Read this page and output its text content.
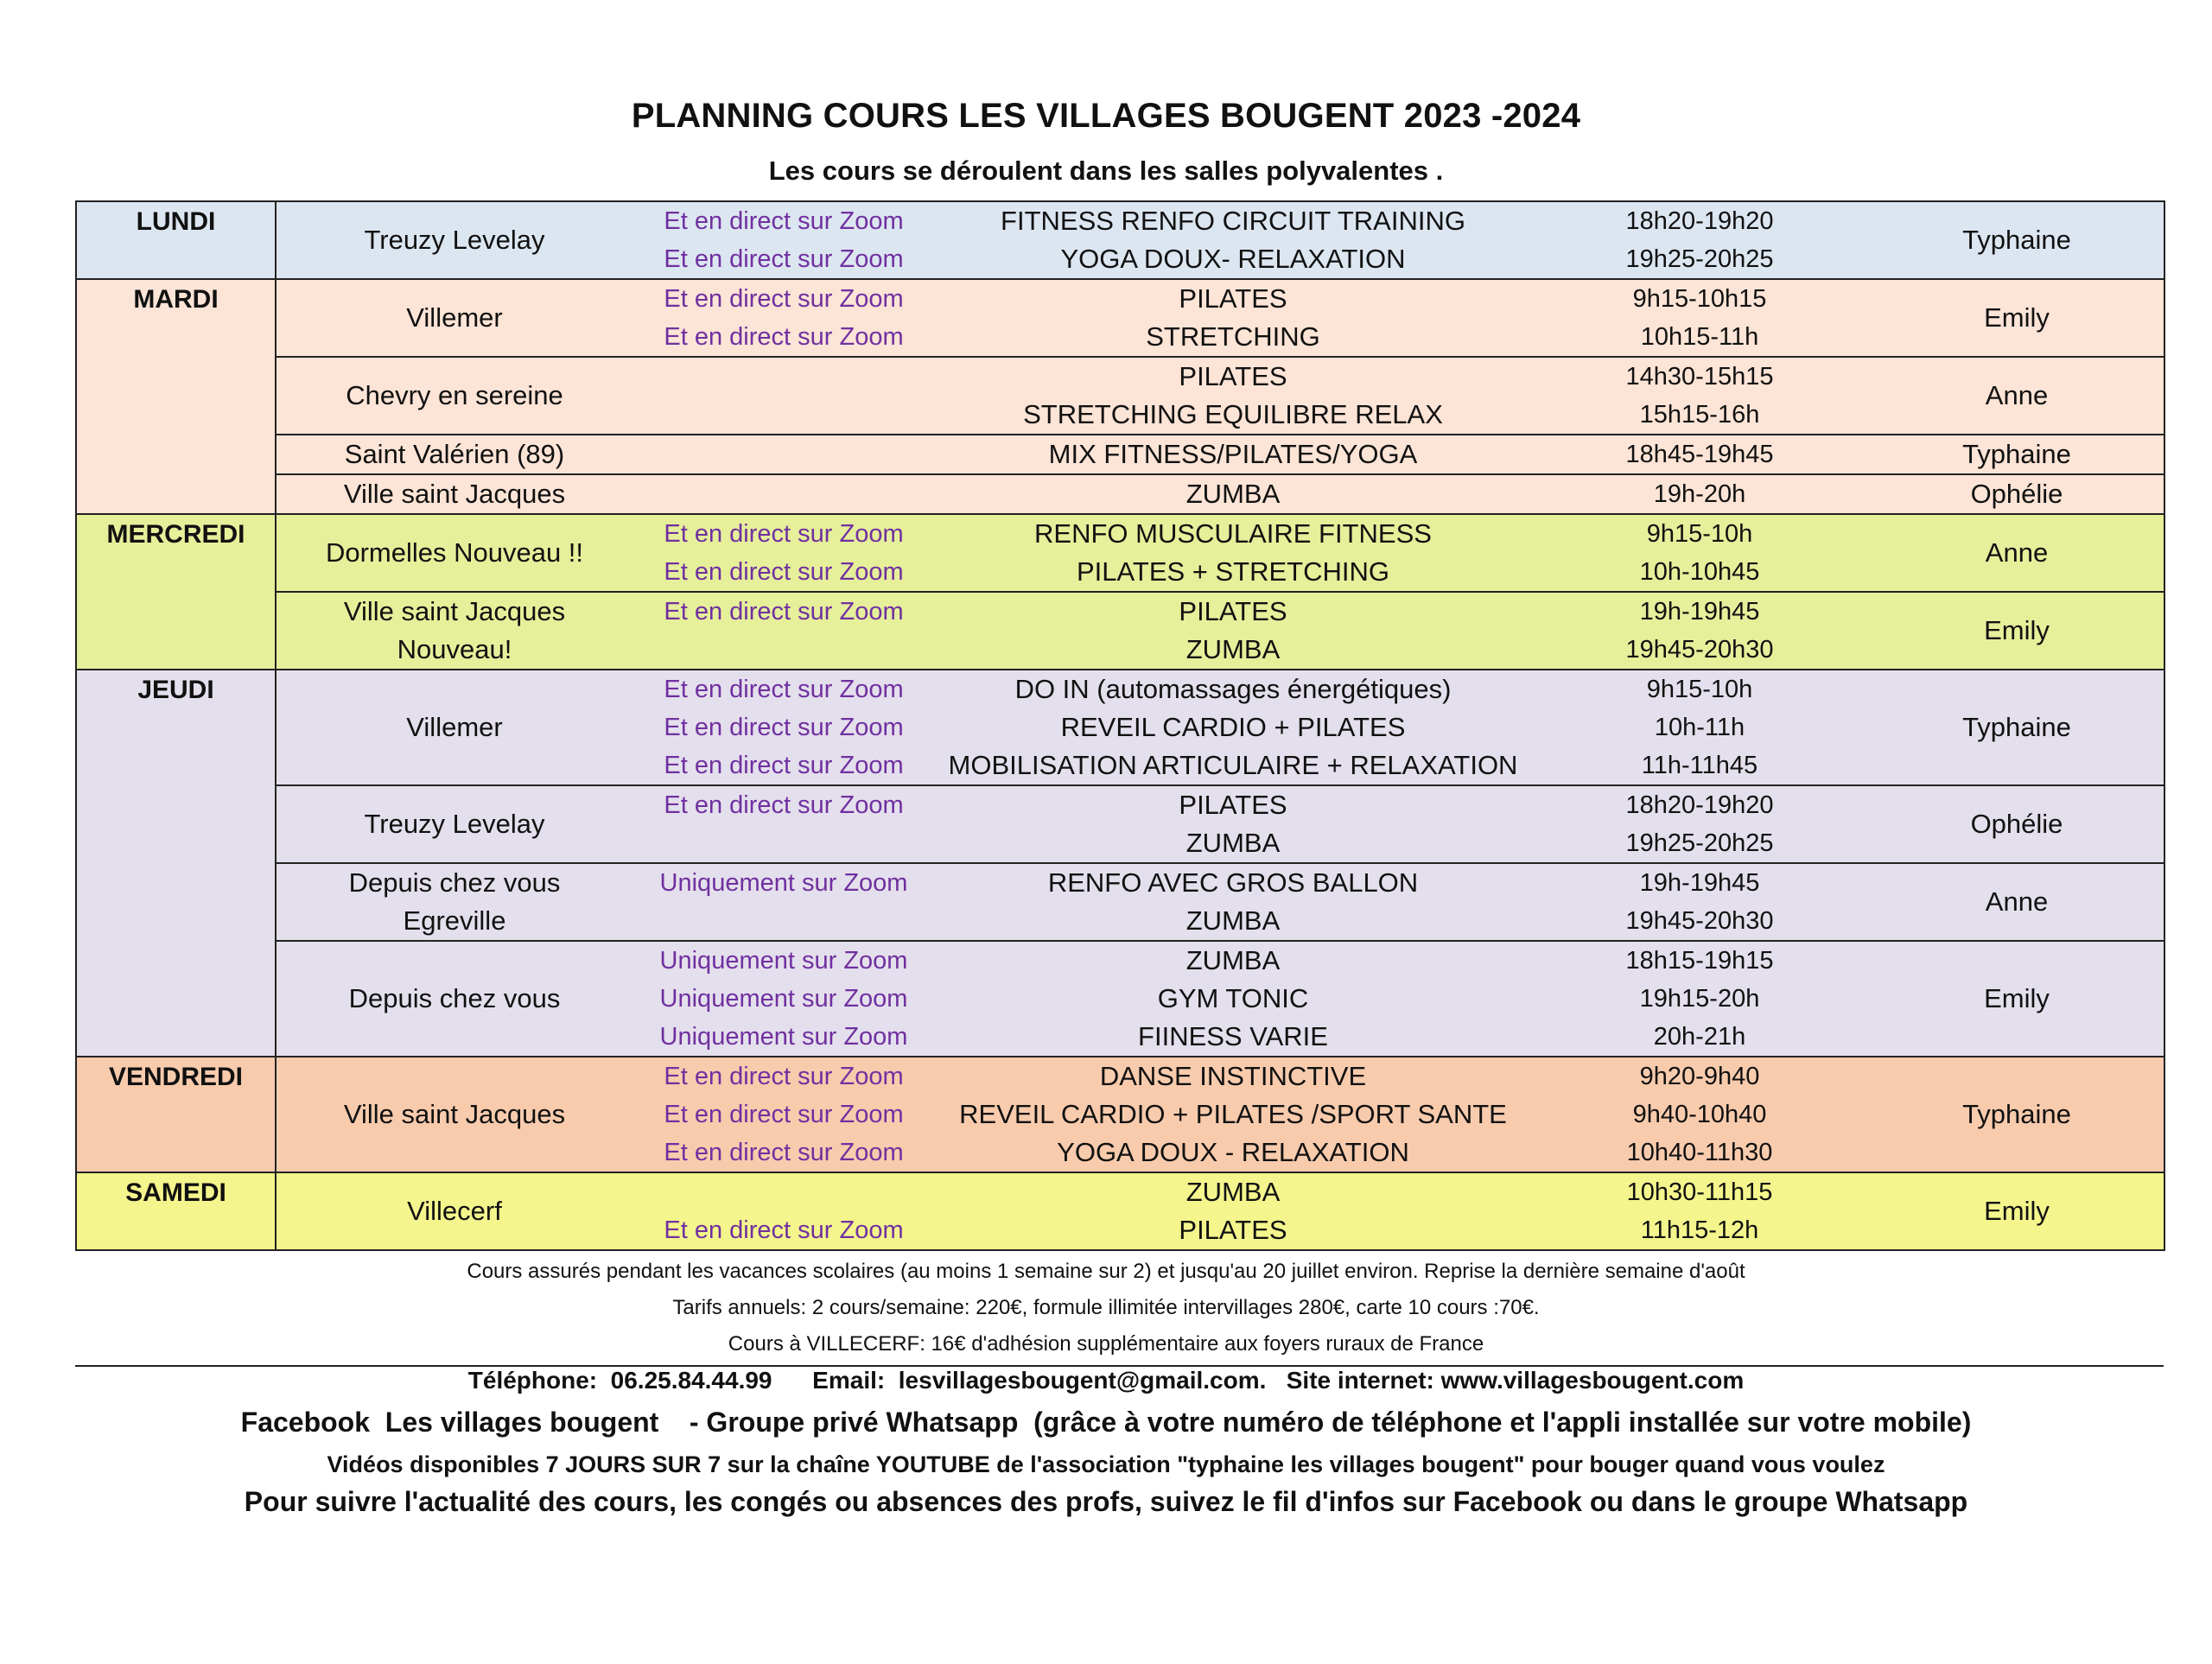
PLANNING COURS LES VILLAGES BOUGENT 2023 -2024
Les cours se déroulent dans les salles polyvalentes .
LUNDI	
Treuzy Levelay
	Et en direct sur Zoom	FITNESS RENFO CIRCUIT TRAINING	18h20-19h20	Typhaine
Et en direct sur Zoom	YOGA DOUX- RELAXATION	19h25-20h25

MARDI	
Villemer
	Et en direct sur Zoom	PILATES	9h15-10h15	Emily
Et en direct sur Zoom	STRETCHING	10h15-11h

Chevry en sereine
		PILATES	14h30-15h15	Anne
	STRETCHING EQUILIBRE RELAX	15h15-16h

Saint Valérien (89)		MIX FITNESS/PILATES/YOGA	18h45-19h45	Typhaine

Ville saint Jacques		ZUMBA	19h-20h	Ophélie

MERCREDI	
Dormelles Nouveau !!
	Et en direct sur Zoom	RENFO MUSCULAIRE FITNESS	9h15-10h	Anne
Et en direct sur Zoom	PILATES + STRETCHING	10h-10h45

Ville saint Jacques
Nouveau!
	Et en direct sur Zoom	PILATES	19h-19h45	Emily
	ZUMBA	19h45-20h30

JEUDI	
Villemer
	Et en direct sur Zoom	DO IN (automassages énergétiques)	9h15-10h	Typhaine
Et en direct sur Zoom	REVEIL CARDIO + PILATES	10h-11h
Et en direct sur Zoom	MOBILISATION ARTICULAIRE + RELAXATION	11h-11h45

Treuzy Levelay
	Et en direct sur Zoom	PILATES	18h20-19h20	Ophélie
	ZUMBA	19h25-20h25

Depuis chez vous
Egreville
	Uniquement sur Zoom	RENFO AVEC GROS BALLON	19h-19h45	Anne
	ZUMBA	19h45-20h30

Depuis chez vous
	Uniquement sur Zoom	ZUMBA	18h15-19h15	Emily
Uniquement sur Zoom	GYM TONIC	19h15-20h
Uniquement sur Zoom	FIINESS VARIE	20h-21h

VENDREDI	
Ville saint Jacques
	Et en direct sur Zoom	DANSE INSTINCTIVE	9h20-9h40	Typhaine
Et en direct sur Zoom	REVEIL CARDIO + PILATES /SPORT SANTE	9h40-10h40
Et en direct sur Zoom	YOGA DOUX - RELAXATION	10h40-11h30

SAMEDI	
Villecerf
		ZUMBA	10h30-11h15	Emily
Et en direct sur Zoom	PILATES	11h15-12h
Cours assurés pendant les vacances scolaires (au moins 1 semaine sur 2) et jusqu'au 20 juillet environ. Reprise la dernière semaine d'août
Tarifs annuels: 2 cours/semaine: 220€, formule illimitée intervillages 280€, carte 10 cours :70€.
Cours à VILLECERF: 16€ d'adhésion supplémentaire aux foyers ruraux de France
Téléphone:  06.25.84.44.99      Email:  lesvillagesbougent@gmail.com.   Site internet: www.villagesbougent.com
Facebook  Les villages bougent    - Groupe privé Whatsapp  (grâce à votre numéro de téléphone et l'appli installée sur votre mobile)
Vidéos disponibles 7 JOURS SUR 7 sur la chaîne YOUTUBE de l'association "typhaine les villages bougent" pour bouger quand vous voulez
Pour suivre l'actualité des cours, les congés ou absences des profs, suivez le fil d'infos sur Facebook ou dans le groupe Whatsapp
